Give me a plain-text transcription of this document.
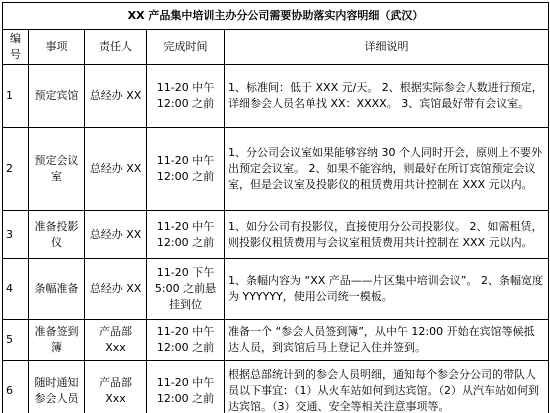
XX 产品集中培训主办分公司需要协助落实内容明细（武汉）				
编号	事项	责任人	完成时间	详细说明
1	预定宾馆	总经办 XX	11-20 中午 12:00 之前	1、标准间：低于 XXX 元/天。 2、根据实际参会人数进行预定，详细参会人员名单找 XX：XXXX。 3、宾馆最好带有会议室。
2	预定会议室	总经办 XX	11-20 中午 12:00 之前	1、分公司会议室如果能够容纳 30 个人同时开会，原则上不要外出预定会议室。 2、如果不能容纳，则最好在所订宾馆预定会议室，但是会议室及投影仪的租赁费用共计控制在 XXX 元以内。
3	准备投影仪	总经办 XX	11-20 中午 12:00 之前	1、如分公司有投影仪，直接使用分公司投影仪。 2、如需租赁，则投影仪租赁费用与会议室租赁费用共计控制在 XXX 元以内。
4	条幅准备	总经办 XX	11-20 下午 5:00 之前悬挂到位	1、条幅内容为 “XX 产品——片区集中培训会议”。 2、条幅宽度为 YYYYYY，使用公司统一模板。
5	准备签到簿	产品部 Xxx	11-20 中午 12:00 之前	准备一个 “参会人员签到簿”，从中午 12:00 开始在宾馆等候抵达人员，到宾馆后马上登记入住并签到。
6	随时通知参会人员	产品部 Xxx	11-20 中午 12:00 之前	根据总部统计到的参会人员明细，通知每个参会分公司的带队人员以下事宜：（1）从火车站如何到达宾馆。（2）从汽车站如何到达宾馆。（3）交通、安全等相关注意事项等。
